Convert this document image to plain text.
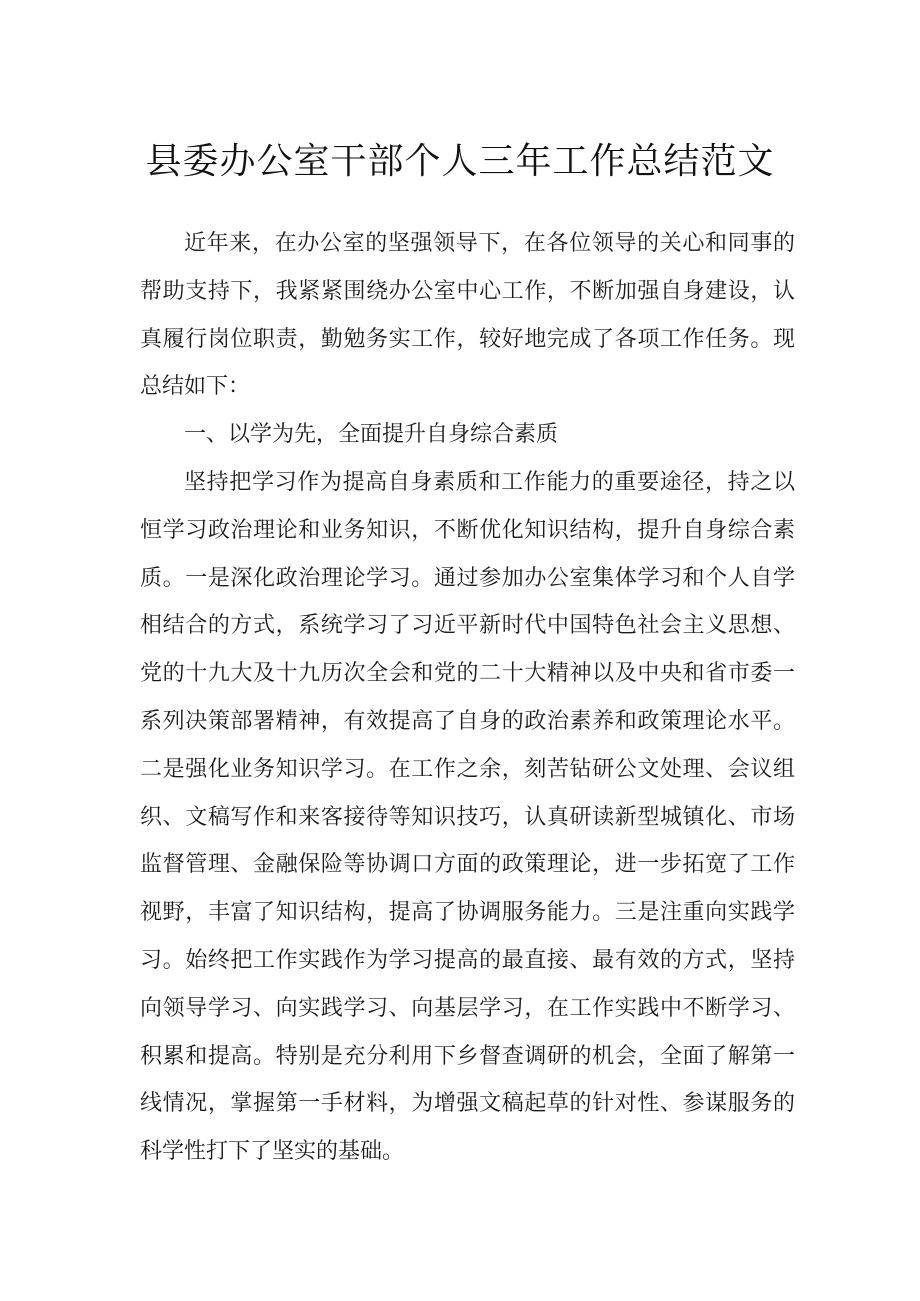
县委办公室干部个人三年工作总结范文

近年来，在办公室的坚强领导下，在各位领导的关心和同事的帮助支持下，我紧紧围绕办公室中心工作，不断加强自身建设，认真履行岗位职责，勤勉务实工作，较好地完成了各项工作任务。现总结如下：

一、以学为先，全面提升自身综合素质

坚持把学习作为提高自身素质和工作能力的重要途径，持之以恒学习政治理论和业务知识，不断优化知识结构，提升自身综合素质。一是深化政治理论学习。通过参加办公室集体学习和个人自学相结合的方式，系统学习了习近平新时代中国特色社会主义思想、党的十九大及十九历次全会和党的二十大精神以及中央和省市委一系列决策部署精神，有效提高了自身的政治素养和政策理论水平。二是强化业务知识学习。在工作之余，刻苦钻研公文处理、会议组织、文稿写作和来客接待等知识技巧，认真研读新型城镇化、市场监督管理、金融保险等协调口方面的政策理论，进一步拓宽了工作视野，丰富了知识结构，提高了协调服务能力。三是注重向实践学习。始终把工作实践作为学习提高的最直接、最有效的方式，坚持向领导学习、向实践学习、向基层学习，在工作实践中不断学习、积累和提高。特别是充分利用下乡督查调研的机会，全面了解第一线情况，掌握第一手材料，为增强文稿起草的针对性、参谋服务的科学性打下了坚实的基础。
